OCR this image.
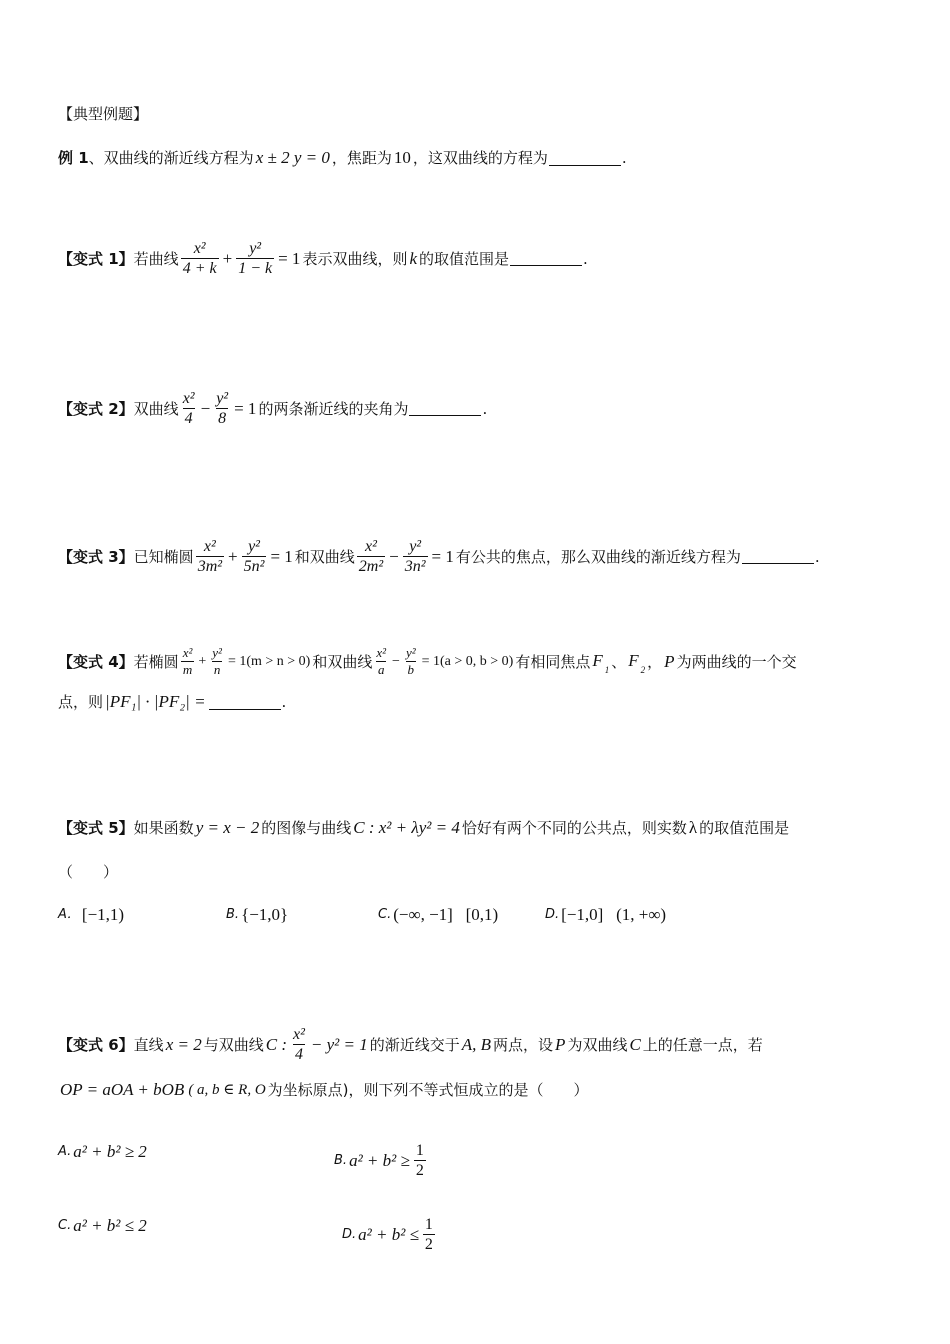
【典型例题】
例 1 、双曲线的渐近线方程为 x ± 2 y = 0 ，焦距为 10 ，这双曲线的方程为	.
【变式 1】 若曲线 $\frac{\text{x²}}{4 + k} + \frac{\text{y²}}{1 - k} = 1$ 表示双曲线，则 k 的取值范围是	.
【变式 2】 双曲线 $\frac{\text{x²}}{4} - \frac{\text{y²}}{8} = 1$ 的两条渐近线的夹角为	.
【变式 3】 已知椭圆 $\frac{\text{x²}}{\text{3m²}} + \frac{\text{y²}}{\text{5n²}} = 1$ 和双曲线 $\frac{\text{x²}}{\text{2m²}} - \frac{\text{y²}}{\text{3n²}} = 1$ 有公共的焦点，那么双曲线的渐近线方程为	.
【变式 4】 若椭圆 $\frac{\text{x²}}{m} + \frac{\text{y²}}{n} = 1(m > n > 0)$ 和双曲线 $\frac{\text{x²}}{a} - \frac{\text{y²}}{b} = 1(a > 0$, b > 0) 有相同焦点 F $_1$ 、 F $_2$ ， P 为两曲线的一个交
点，则 |PF₁| · |PF₂| =	.
【变式 5】 如果函数 y = x − 2 的图像与曲线 C : x² + λy² = 4 恰好有两个不同的公共点，则实数 λ 的取值范围是
（　　）
A． [−1,1)	B. {−1,0}	C. (−∞, −1]   [0,1)	D. [−1,0]   (1, +∞)
【变式 6】 直线 x = 2 与双曲线 C : $\frac{\text{x²}}{4} - y^2 = 1$ 的渐近线交于 A, B 两点，设 P 为双曲线 C 上的任意一点，若
OP = aOA + bOB ( a, b ∈ R, O 为坐标原点)，则下列不等式恒成立的是（　　）
A. a² + b² ≥ 2	B. $a^2 + b^2 \ge \frac{1}{2}$
C. a² + b² ≤ 2	D. $a^2 + b^2 \le \frac{1}{2}$
